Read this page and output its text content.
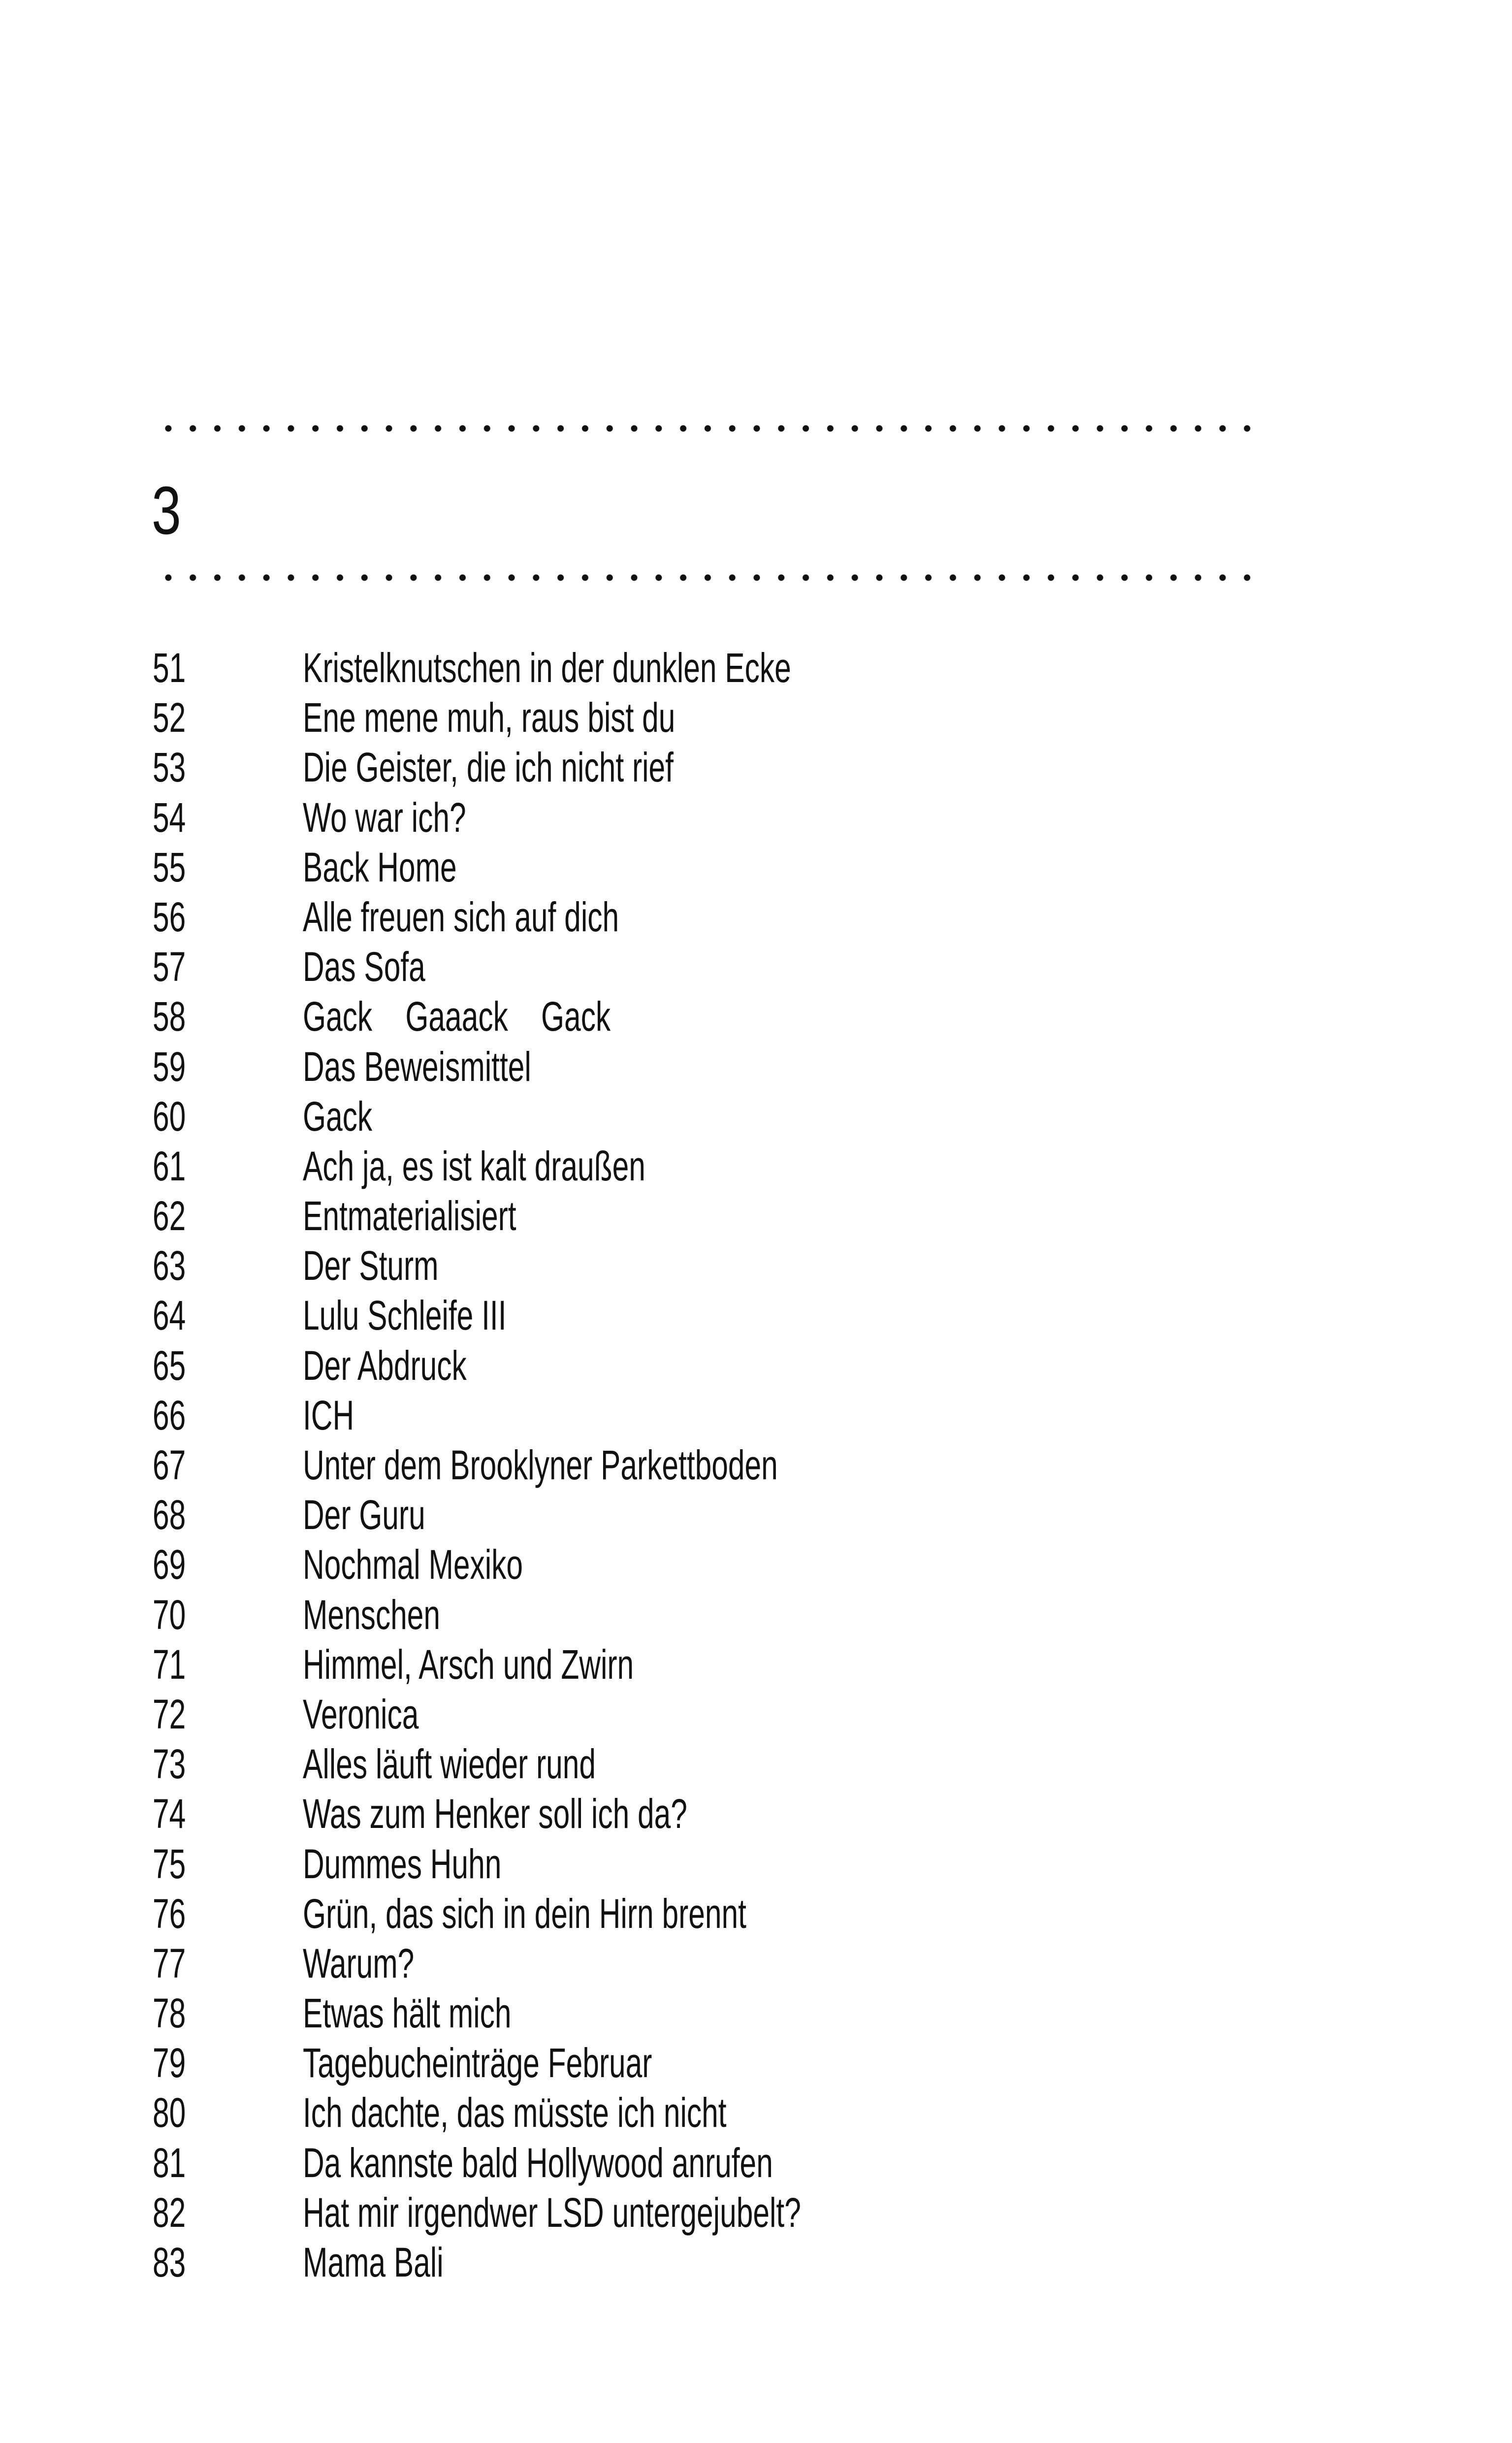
3
51	Kristelknutschen in der dunklen Ecke
52	Ene mene muh, raus bist du
53	Die Geister, die ich nicht rief
54	Wo war ich?
55	Back Home
56	Alle freuen sich auf dich
57	Das Sofa
58	Gack    Gaaack    Gack
59	Das Beweismittel
60	Gack
61	Ach ja, es ist kalt draußen
62	Entmaterialisiert
63	Der Sturm
64	Lulu Schleife III
65	Der Abdruck
66	ICH
67	Unter dem Brooklyner Parkettboden
68	Der Guru
69	Nochmal Mexiko
70	Menschen
71	Himmel, Arsch und Zwirn
72	Veronica
73	Alles läuft wieder rund
74	Was zum Henker soll ich da?
75	Dummes Huhn
76	Grün, das sich in dein Hirn brennt
77	Warum?
78	Etwas hält mich
79	Tagebucheinträge Februar
80	Ich dachte, das müsste ich nicht
81	Da kannste bald Hollywood anrufen
82	Hat mir irgendwer LSD untergejubelt?
83	Mama Bali
